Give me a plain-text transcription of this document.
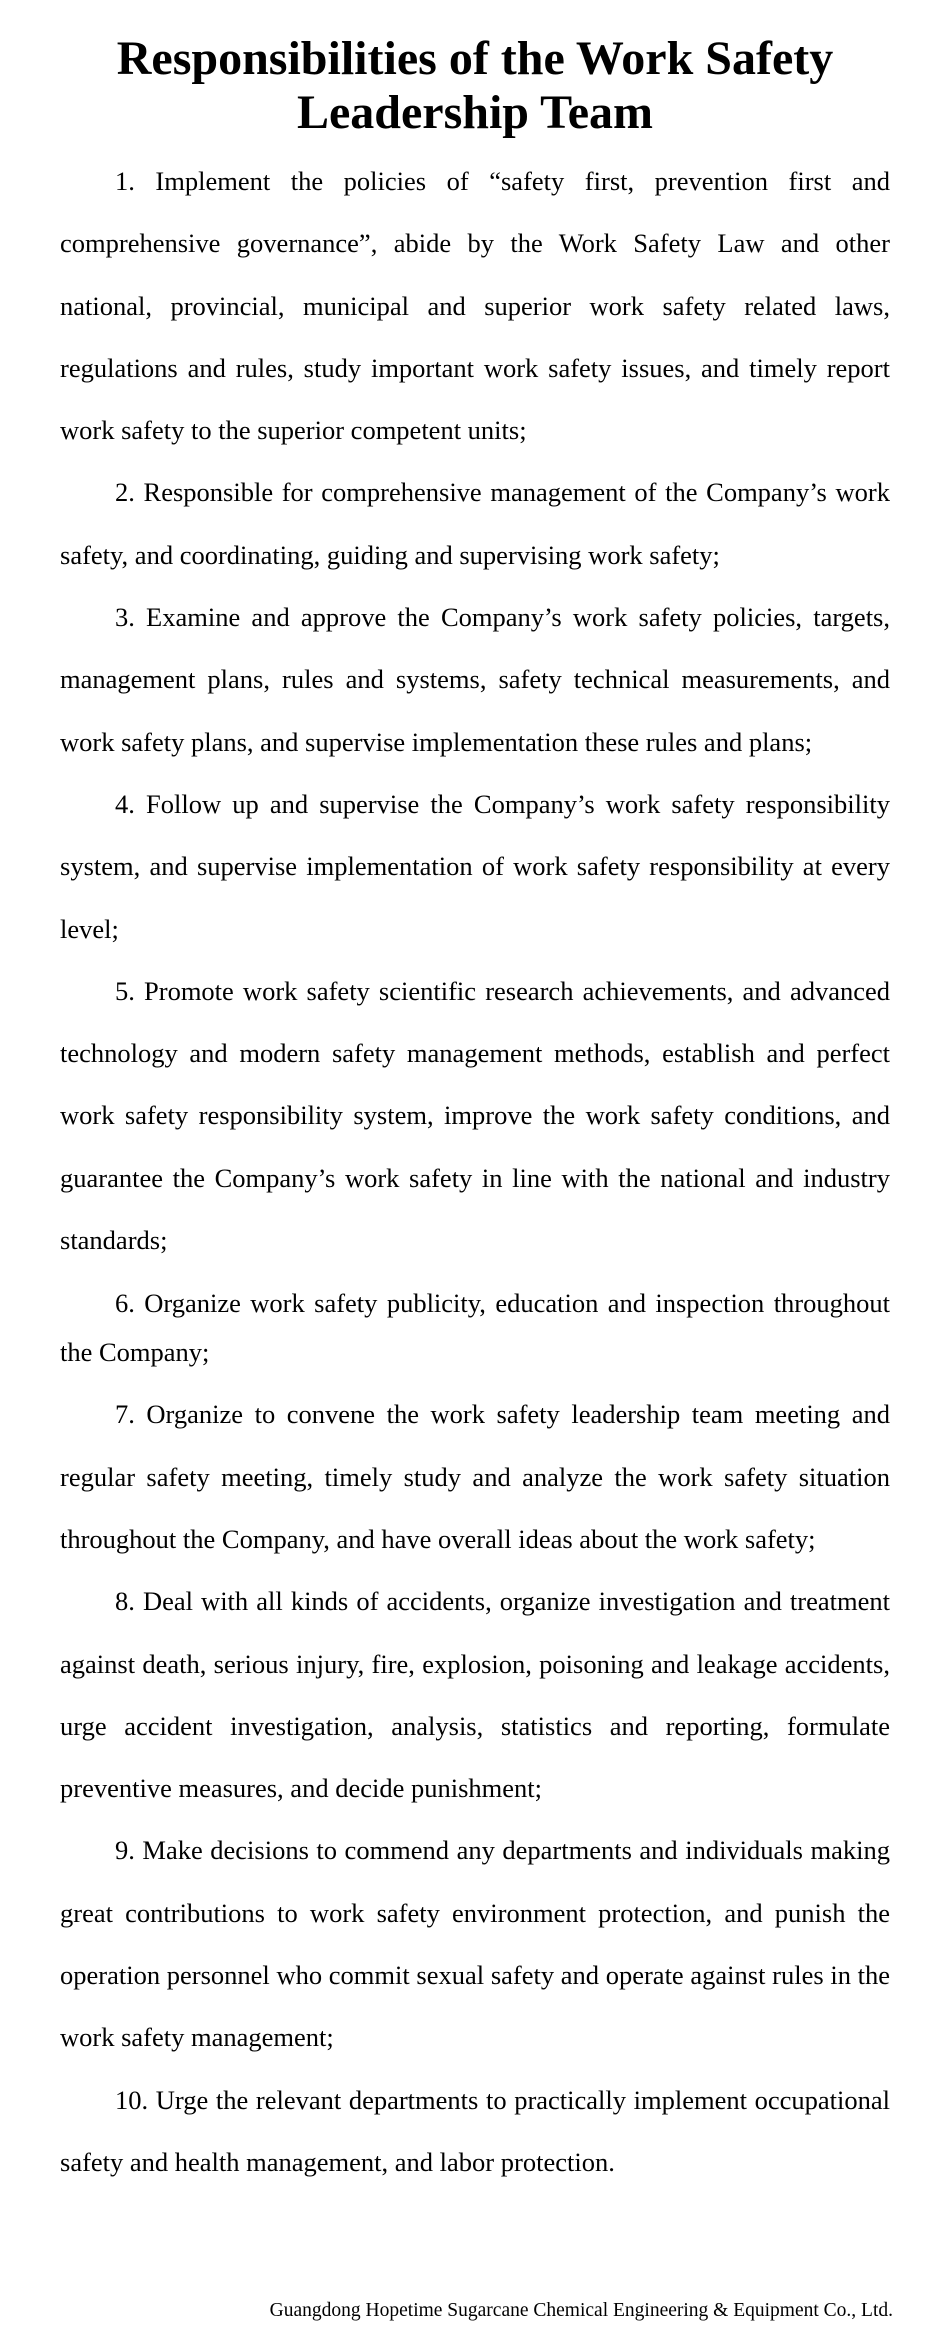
Responsibilities of the Work Safety Leadership Team

1. Implement the policies of “safety first, prevention first and comprehensive governance”, abide by the Work Safety Law and other national, provincial, municipal and superior work safety related laws, regulations and rules, study important work safety issues, and timely report work safety to the superior competent units;

2. Responsible for comprehensive management of the Company’s work safety, and coordinating, guiding and supervising work safety;

3. Examine and approve the Company’s work safety policies, targets, management plans, rules and systems, safety technical measurements, and work safety plans, and supervise implementation these rules and plans;

4. Follow up and supervise the Company’s work safety responsibility system, and supervise implementation of work safety responsibility at every level;

5. Promote work safety scientific research achievements, and advanced technology and modern safety management methods, establish and perfect work safety responsibility system, improve the work safety conditions, and guarantee the Company’s work safety in line with the national and industry standards;

6. Organize work safety publicity, education and inspection throughout the Company;

7. Organize to convene the work safety leadership team meeting and regular safety meeting, timely study and analyze the work safety situation throughout the Company, and have overall ideas about the work safety;

8. Deal with all kinds of accidents, organize investigation and treatment against death, serious injury, fire, explosion, poisoning and leakage accidents, urge accident investigation, analysis, statistics and reporting, formulate preventive measures, and decide punishment;

9. Make decisions to commend any departments and individuals making great contributions to work safety environment protection, and punish the operation personnel who commit sexual safety and operate against rules in the work safety management;

10. Urge the relevant departments to practically implement occupational safety and health management, and labor protection.

Guangdong Hopetime Sugarcane Chemical Engineering & Equipment Co., Ltd.
